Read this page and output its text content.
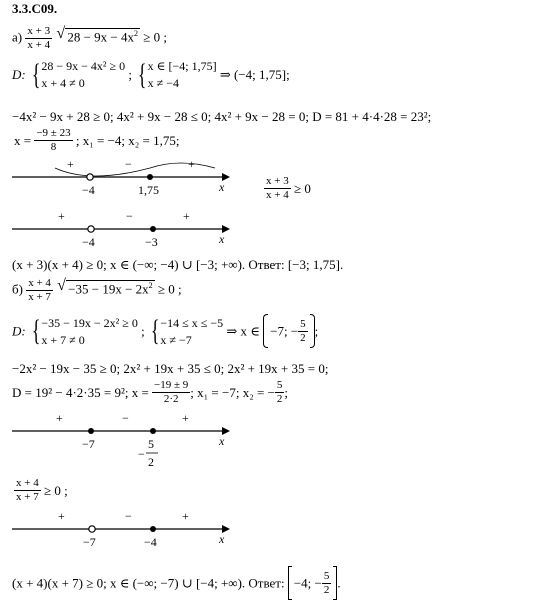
3.3.C09.
$а) \frac{x + 3}{x + 4}$ √ $28 - 9x - 4x^2 \ge 0$ ;
D: { 28 − 9x − 4x² ≥ 0
x + 4 ≠ 0
; { x ∈ [−4; 1,75]
x ≠ −4
⇒ (−4; 1,75];
−4x² − 9x + 28 ≥ 0; 4x² + 9x − 28 ≤ 0; 4x² + 9x − 28 = 0; D = 81 + 4·4·28 = 23²;
$x = \frac{-9 \pm 23}{8}$ ; x₁ = −4; x₂ = 1,75;
+	−	+
−4	1,75	x	$\frac{x + 3}{x + 4} \ge 0$
+	−	+
−4	−3	x
(x + 3)(x + 4) ≥ 0; x ∈ (−∞; −4) ∪ [−3; +∞). Ответ: [−3; 1,75].
$б) \frac{x + 4}{x + 7}$ √ $-35 - 19x - 2x^2 \ge 0$ ;
D: { −35 − 19x − 2x² ≥ 0
x + 7 ≠ 0
; { −14 ≤ x ≤ −5
x ≠ −7
⇒ x ∈ −7; − $\frac{5}{2}$ ;
−2x² − 19x − 35 ≥ 0; 2x² + 19x + 35 ≤ 0; 2x² + 19x + 35 = 0;
D = 19² − 4·2·35 = 9²; $x = \frac{-19 \pm 9}{2\cdot 2}$ ; x₁ = −7; x₂ = − $\frac{5}{2}$ ;
+	−	+
−7
−
5
2
x
$\frac{x + 4}{x + 7} \ge 0$ ;
+	−	+
−7	−4	x
(x + 4)(x + 7) ≥ 0; x ∈ (−∞; −7) ∪ [−4; +∞). Ответ: −4; − $\frac{5}{2}$ .
